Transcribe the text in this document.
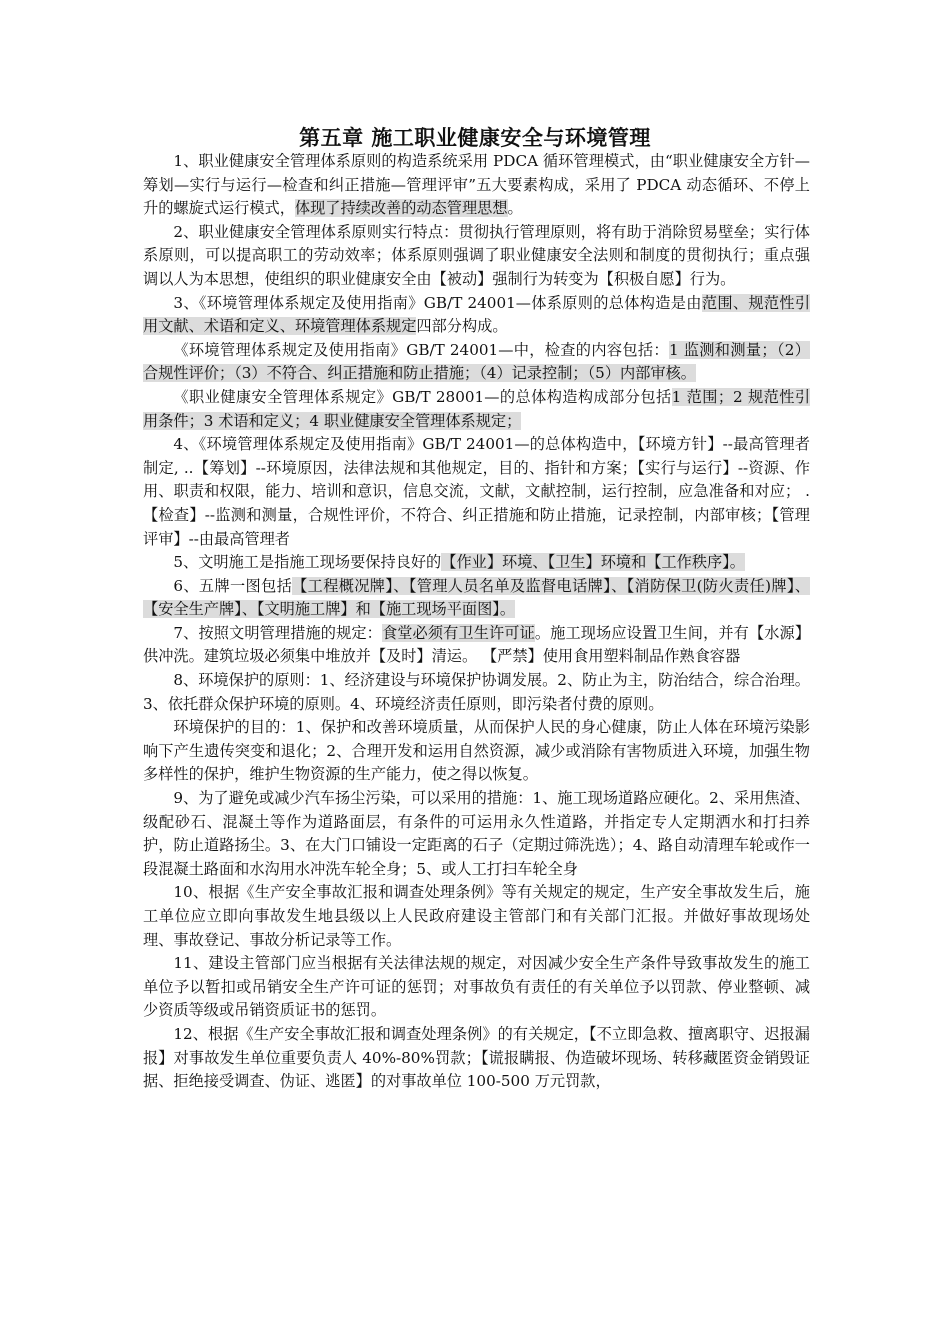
第五章 施工职业健康安全与环境管理

1、职业健康安全管理体系原则的构造系统采用 PDCA 循环管理模式，由“职业健康安全方针—筹划—实行与运行—检查和纠正措施—管理评审”五大要素构成，采用了 PDCA 动态循环、不停上升的螺旋式运行模式，体现了持续改善的动态管理思想。

2、职业健康安全管理体系原则实行特点：贯彻执行管理原则，将有助于消除贸易壁垒；实行体系原则，可以提高职工的劳动效率；体系原则强调了职业健康安全法则和制度的贯彻执行；重点强调以人为本思想，使组织的职业健康安全由【被动】强制行为转变为【积极自愿】行为。

3、《环境管理体系规定及使用指南》GB/T 24001—体系原则的总体构造是由范围、规范性引用文献、术语和定义、环境管理体系规定四部分构成。

《环境管理体系规定及使用指南》GB/T 24001—中，检查的内容包括：1 监测和测量；（2）合规性评价；（3）不符合、纠正措施和防止措施；（4）记录控制；（5）内部审核。

《职业健康安全管理体系规定》GB/T 28001—的总体构造构成部分包括1 范围；2 规范性引用条件；3 术语和定义；4 职业健康安全管理体系规定；

4、《环境管理体系规定及使用指南》GB/T 24001—的总体构造中，【环境方针】--最高管理者制定, ..【筹划】--环境原因，法律法规和其他规定，目的、指针和方案；【实行与运行】--资源、作用、职责和权限，能力、培训和意识，信息交流，文献，文献控制，运行控制，应急准备和对应； .【检查】--监测和测量，合规性评价，不符合、纠正措施和防止措施，记录控制，内部审核；【管理评审】--由最高管理者

5、文明施工是指施工现场要保持良好的【作业】环境、【卫生】环境和【工作秩序】。

6、五牌一图包括【工程概况牌】、【管理人员名单及监督电话牌】、【消防保卫(防火责任)牌】、【安全生产牌】、【文明施工牌】和【施工现场平面图】。

7、按照文明管理措施的规定：食堂必须有卫生许可证。施工现场应设置卫生间，并有【水源】供冲洗。建筑垃圾必须集中堆放并【及时】清运。 【严禁】使用食用塑料制品作熟食容器

8、环境保护的原则：1、经济建设与环境保护协调发展。2、防止为主，防治结合，综合治理。3、依托群众保护环境的原则。4、环境经济责任原则，即污染者付费的原则。

环境保护的目的：1、保护和改善环境质量，从而保护人民的身心健康，防止人体在环境污染影响下产生遗传突变和退化；2、合理开发和运用自然资源，减少或消除有害物质进入环境，加强生物多样性的保护，维护生物资源的生产能力，使之得以恢复。

9、为了避免或减少汽车扬尘污染，可以采用的措施：1、施工现场道路应硬化。2、采用焦渣、级配砂石、混凝土等作为道路面层，有条件的可运用永久性道路，并指定专人定期洒水和打扫养护，防止道路扬尘。3、在大门口铺设一定距离的石子（定期过筛洗选）；4、路自动清理车轮或作一段混凝土路面和水沟用水冲洗车轮全身；5、或人工打扫车轮全身

10、根据《生产安全事故汇报和调查处理条例》等有关规定的规定，生产安全事故发生后，施工单位应立即向事故发生地县级以上人民政府建设主管部门和有关部门汇报。并做好事故现场处理、事故登记、事故分析记录等工作。

11、建设主管部门应当根据有关法律法规的规定，对因减少安全生产条件导致事故发生的施工单位予以暂扣或吊销安全生产许可证的惩罚；对事故负有责任的有关单位予以罚款、停业整顿、减少资质等级或吊销资质证书的惩罚。

12、根据《生产安全事故汇报和调查处理条例》的有关规定，【不立即急救、擅离职守、迟报漏报】对事故发生单位重要负责人 40%-80%罚款；【谎报瞒报、伪造破坏现场、转移藏匿资金销毁证据、拒绝接受调查、伪证、逃匿】的对事故单位 100-500 万元罚款，
